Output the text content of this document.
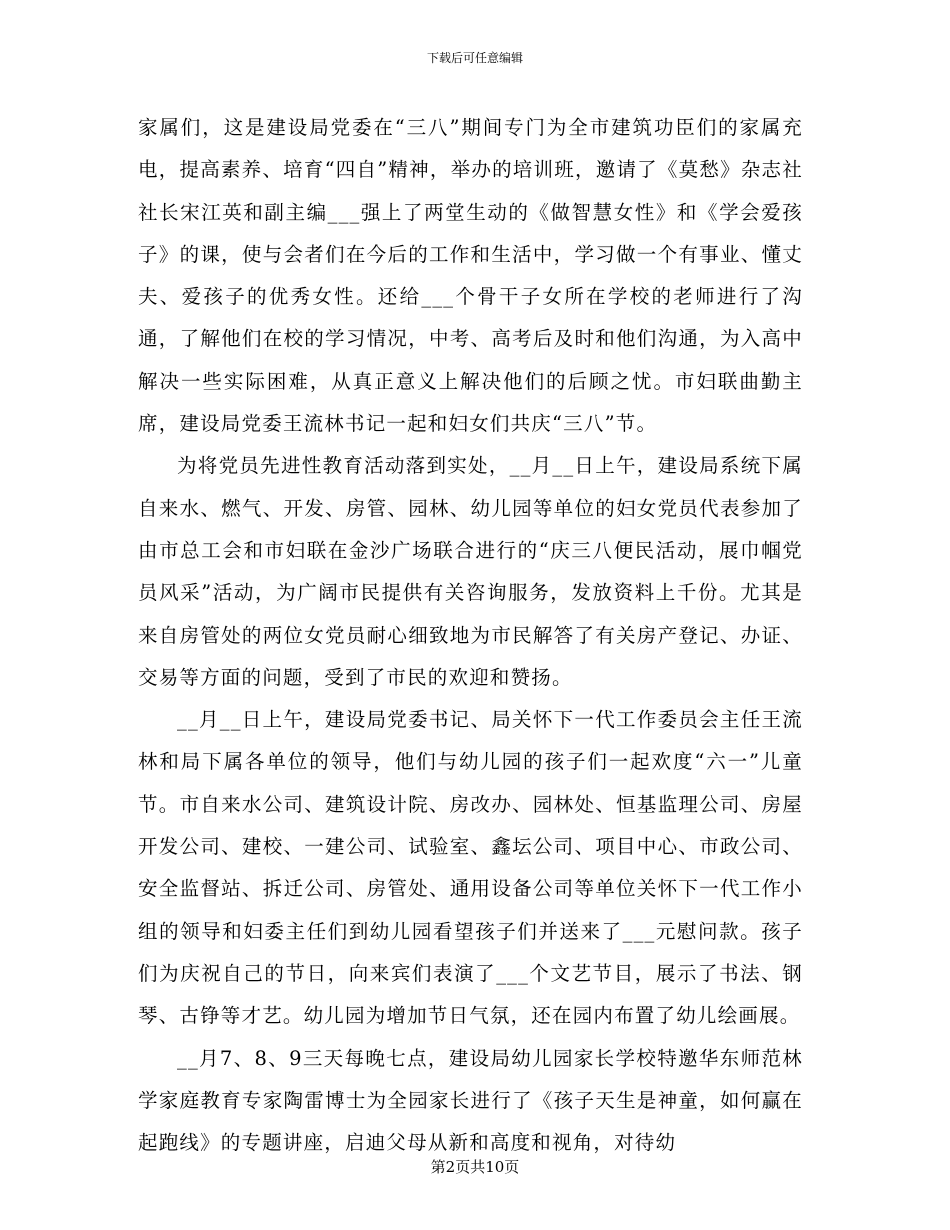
下载后可任意编辑

家属们，这是建设局党委在“三八”期间专门为全市建筑功臣们的家属充电，提高素养、培育“四自”精神，举办的培训班，邀请了《莫愁》杂志社社长宋江英和副主编___强上了两堂生动的《做智慧女性》和《学会爱孩子》的课，使与会者们在今后的工作和生活中，学习做一个有事业、懂丈夫、爱孩子的优秀女性。还给___个骨干子女所在学校的老师进行了沟通，了解他们在校的学习情况，中考、高考后及时和他们沟通，为入高中解决一些实际困难，从真正意义上解决他们的后顾之忧。市妇联曲勤主席，建设局党委王流林书记一起和妇女们共庆“三八”节。

为将党员先进性教育活动落到实处，__月__日上午，建设局系统下属自来水、燃气、开发、房管、园林、幼儿园等单位的妇女党员代表参加了由市总工会和市妇联在金沙广场联合进行的“庆三八便民活动，展巾帼党员风采”活动，为广阔市民提供有关咨询服务，发放资料上千份。尤其是来自房管处的两位女党员耐心细致地为市民解答了有关房产登记、办证、交易等方面的问题，受到了市民的欢迎和赞扬。

__月__日上午，建设局党委书记、局关怀下一代工作委员会主任王流林和局下属各单位的领导，他们与幼儿园的孩子们一起欢度“六一”儿童节。市自来水公司、建筑设计院、房改办、园林处、恒基监理公司、房屋开发公司、建校、一建公司、试验室、鑫坛公司、项目中心、市政公司、安全监督站、拆迁公司、房管处、通用设备公司等单位关怀下一代工作小组的领导和妇委主任们到幼儿园看望孩子们并送来了___元慰问款。孩子们为庆祝自己的节日，向来宾们表演了___个文艺节目，展示了书法、钢琴、古铮等才艺。幼儿园为增加节日气氛，还在园内布置了幼儿绘画展。

__月7、8、9三天每晚七点，建设局幼儿园家长学校特邀华东师范林学家庭教育专家陶雷博士为全园家长进行了《孩子天生是神童，如何赢在起跑线》的专题讲座，启迪父母从新和高度和视角，对待幼

第2页共10页
